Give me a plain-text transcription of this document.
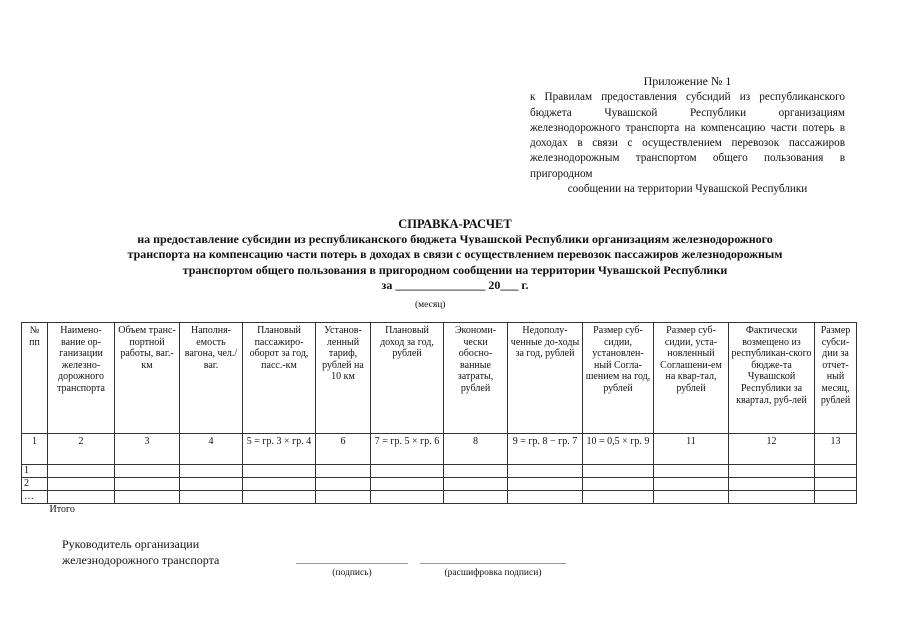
Приложение № 1
к Правилам предоставления субсидий из республиканского бюджета Чувашской Республики организациям железнодорожного транспорта на компенсацию части потерь в доходах в связи с осуществлением перевозок пассажиров железнодорожным транспортом общего пользования в пригородном
сообщении на территории Чувашской Республики
СПРАВКА-РАСЧЕТ
на предоставление субсидии из республиканского бюджета Чувашской Республики организациям железнодорожного
транспорта на компенсацию части потерь в доходах в связи с осуществлением перевозок пассажиров железнодорожным
транспортом общего пользования в пригородном сообщении на территории Чувашской Республики
за _______________ 20___ г.
(месяц)
№ пп	Наимено-вание ор-ганизации железно-дорожного транспорта	Объем транс-портной работы, ваг.-км	Наполня-емость вагона, чел./ваг.	Плановый пассажиро-оборот за год, пасс.-км	Установ-ленный тариф, рублей на 10 км	Плановый доход за год, рублей	Экономи-чески обосно-ванные затраты, рублей	Недополу-ченные до-ходы за год, рублей	Размер суб-сидии, установлен-ный Согла-шением на год, рублей	Размер суб-сидии, уста-новленный Соглашени-ем на квар-тал, рублей	Фактически возмещено из республикан-ского бюдже-та Чувашской Республики за квартал, руб-лей	Размер субси-дии за отчет-ный месяц, рублей
1	2	3	4	5 = гр. 3 × гр. 4	6	7 = гр. 5 × гр. 6	8	9 = гр. 8 − гр. 7	10 = 0,5 × гр. 9	11	12	13
1												
2												
…												
	Итого											
Руководитель организации
железнодорожного транспорта
(подпись)	(расшифровка подписи)
